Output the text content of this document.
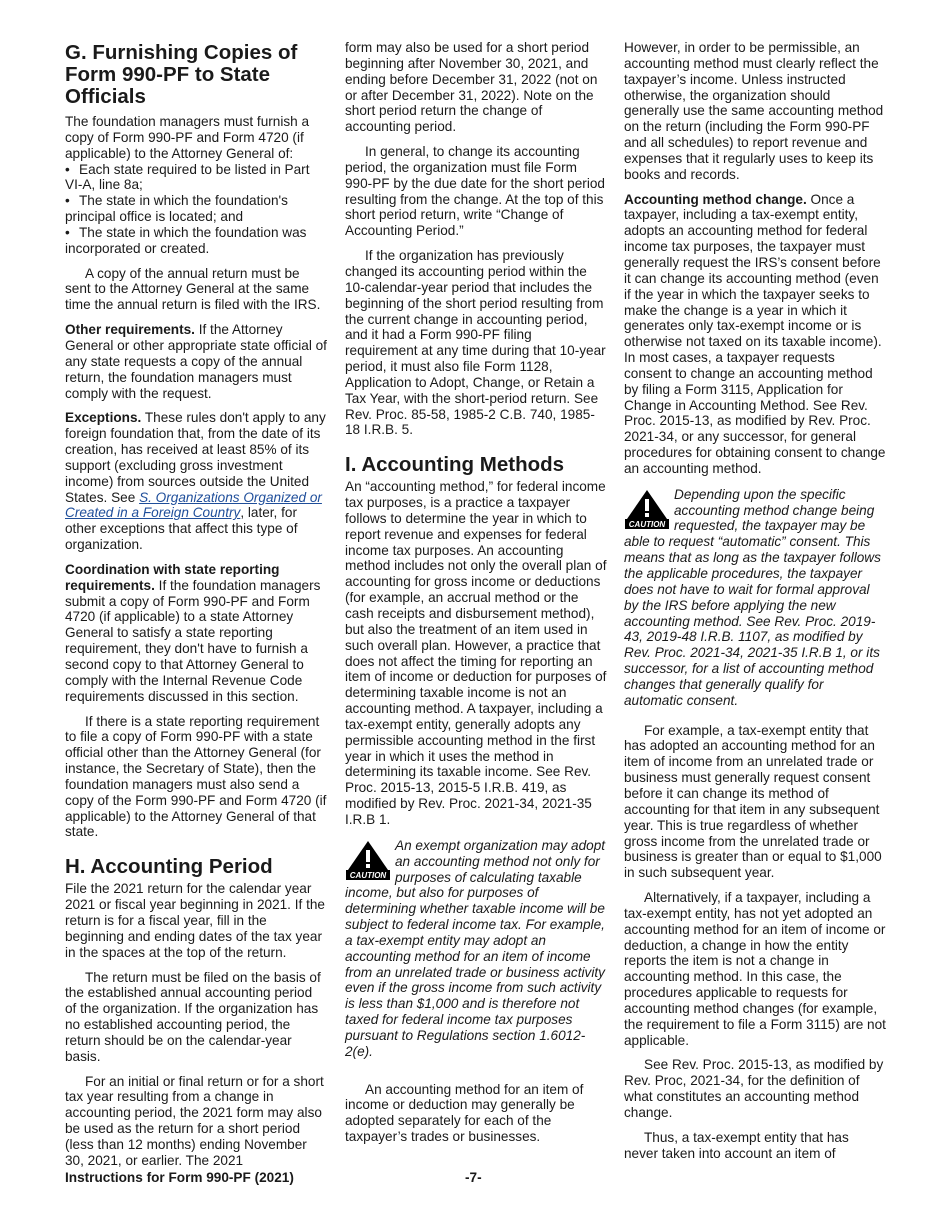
G. Furnishing Copies of Form 990-PF to State Officials

The foundation managers must furnish a copy of Form 990-PF and Form 4720 (if applicable) to the Attorney General of:

• Each state required to be listed in Part VI-A, line 8a;
• The state in which the foundation's principal office is located; and
• The state in which the foundation was incorporated or created.

A copy of the annual return must be sent to the Attorney General at the same time the annual return is filed with the IRS.

Other requirements. If the Attorney General or other appropriate state official of any state requests a copy of the annual return, the foundation managers must comply with the request.

Exceptions. These rules don't apply to any foreign foundation that, from the date of its creation, has received at least 85% of its support (excluding gross investment income) from sources outside the United States. See S. Organizations Organized or Created in a Foreign Country, later, for other exceptions that affect this type of organization.

Coordination with state reporting requirements. If the foundation managers submit a copy of Form 990-PF and Form 4720 (if applicable) to a state Attorney General to satisfy a state reporting requirement, they don't have to furnish a second copy to that Attorney General to comply with the Internal Revenue Code requirements discussed in this section.

If there is a state reporting requirement to file a copy of Form 990-PF with a state official other than the Attorney General (for instance, the Secretary of State), then the foundation managers must also send a copy of the Form 990-PF and Form 4720 (if applicable) to the Attorney General of that state.

H. Accounting Period

File the 2021 return for the calendar year 2021 or fiscal year beginning in 2021. If the return is for a fiscal year, fill in the beginning and ending dates of the tax year in the spaces at the top of the return.

The return must be filed on the basis of the established annual accounting period of the organization. If the organization has no established accounting period, the return should be on the calendar-year basis.

For an initial or final return or for a short tax year resulting from a change in accounting period, the 2021 form may also be used as the return for a short period (less than 12 months) ending November 30, 2021, or earlier. The 2021

form may also be used for a short period beginning after November 30, 2021, and ending before December 31, 2022 (not on or after December 31, 2022). Note on the short period return the change of accounting period.

In general, to change its accounting period, the organization must file Form 990-PF by the due date for the short period resulting from the change. At the top of this short period return, write “Change of Accounting Period.”

If the organization has previously changed its accounting period within the 10-calendar-year period that includes the beginning of the short period resulting from the current change in accounting period, and it had a Form 990-PF filing requirement at any time during that 10-year period, it must also file Form 1128, Application to Adopt, Change, or Retain a Tax Year, with the short-period return. See Rev. Proc. 85-58, 1985-2 C.B. 740, 1985-18 I.R.B. 5.

I. Accounting Methods

An “accounting method,” for federal income tax purposes, is a practice a taxpayer follows to determine the year in which to report revenue and expenses for federal income tax purposes. An accounting method includes not only the overall plan of accounting for gross income or deductions (for example, an accrual method or the cash receipts and disbursement method), but also the treatment of an item used in such overall plan. However, a practice that does not affect the timing for reporting an item of income or deduction for purposes of determining taxable income is not an accounting method. A taxpayer, including a tax-exempt entity, generally adopts any permissible accounting method in the first year in which it uses the method in determining its taxable income. See Rev. Proc. 2015-13, 2015-5 I.R.B. 419, as modified by Rev. Proc. 2021-34, 2021-35 I.R.B 1.

CAUTION
An exempt organization may adopt an accounting method not only for purposes of calculating taxable income, but also for purposes of determining whether taxable income will be subject to federal income tax. For example, a tax-exempt entity may adopt an accounting method for an item of income from an unrelated trade or business activity even if the gross income from such activity is less than $1,000 and is therefore not taxed for federal income tax purposes pursuant to Regulations section 1.6012-2(e).

An accounting method for an item of income or deduction may generally be adopted separately for each of the taxpayer’s trades or businesses.

However, in order to be permissible, an accounting method must clearly reflect the taxpayer’s income. Unless instructed otherwise, the organization should generally use the same accounting method on the return (including the Form 990-PF and all schedules) to report revenue and expenses that it regularly uses to keep its books and records.

Accounting method change. Once a taxpayer, including a tax-exempt entity, adopts an accounting method for federal income tax purposes, the taxpayer must generally request the IRS’s consent before it can change its accounting method (even if the year in which the taxpayer seeks to make the change is a year in which it generates only tax-exempt income or is otherwise not taxed on its taxable income). In most cases, a taxpayer requests consent to change an accounting method by filing a Form 3115, Application for Change in Accounting Method. See Rev. Proc. 2015-13, as modified by Rev. Proc. 2021-34, or any successor, for general procedures for obtaining consent to change an accounting method.

CAUTION
Depending upon the specific accounting method change being requested, the taxpayer may be able to request “automatic” consent. This means that as long as the taxpayer follows the applicable procedures, the taxpayer does not have to wait for formal approval by the IRS before applying the new accounting method. See Rev. Proc. 2019-43, 2019-48 I.R.B. 1107, as modified by Rev. Proc. 2021-34, 2021-35 I.R.B 1, or its successor, for a list of accounting method changes that generally qualify for automatic consent.

For example, a tax-exempt entity that has adopted an accounting method for an item of income from an unrelated trade or business must generally request consent before it can change its method of accounting for that item in any subsequent year. This is true regardless of whether gross income from the unrelated trade or business is greater than or equal to $1,000 in such subsequent year.

Alternatively, if a taxpayer, including a tax-exempt entity, has not yet adopted an accounting method for an item of income or deduction, a change in how the entity reports the item is not a change in accounting method. In this case, the procedures applicable to requests for accounting method changes (for example, the requirement to file a Form 3115) are not applicable.

See Rev. Proc. 2015-13, as modified by Rev. Proc, 2021-34, for the definition of what constitutes an accounting method change.

Thus, a tax-exempt entity that has never taken into account an item of

Instructions for Form 990-PF (2021)	-7-
